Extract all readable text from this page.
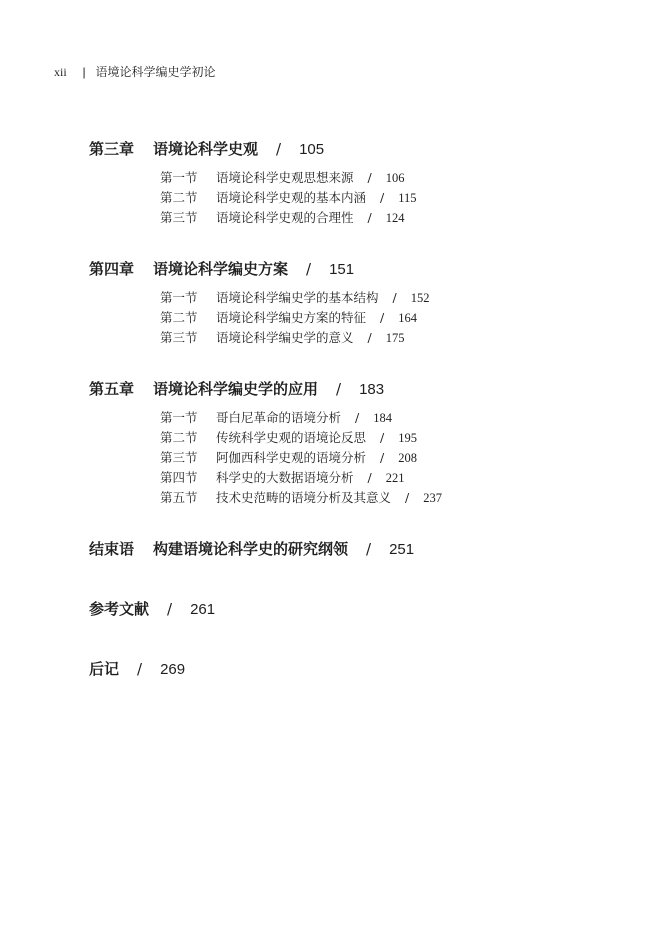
xii | 语境论科学编史学初论
第三章 语境论科学史观 / 105
第一节 语境论科学史观思想来源 / 106
第二节 语境论科学史观的基本内涵 / 115
第三节 语境论科学史观的合理性 / 124
第四章 语境论科学编史方案 / 151
第一节 语境论科学编史学的基本结构 / 152
第二节 语境论科学编史方案的特征 / 164
第三节 语境论科学编史学的意义 / 175
第五章 语境论科学编史学的应用 / 183
第一节 哥白尼革命的语境分析 / 184
第二节 传统科学史观的语境论反思 / 195
第三节 阿伽西科学史观的语境分析 / 208
第四节 科学史的大数据语境分析 / 221
第五节 技术史范畴的语境分析及其意义 / 237
结束语 构建语境论科学史的研究纲领 / 251
参考文献 / 261
后记 / 269
